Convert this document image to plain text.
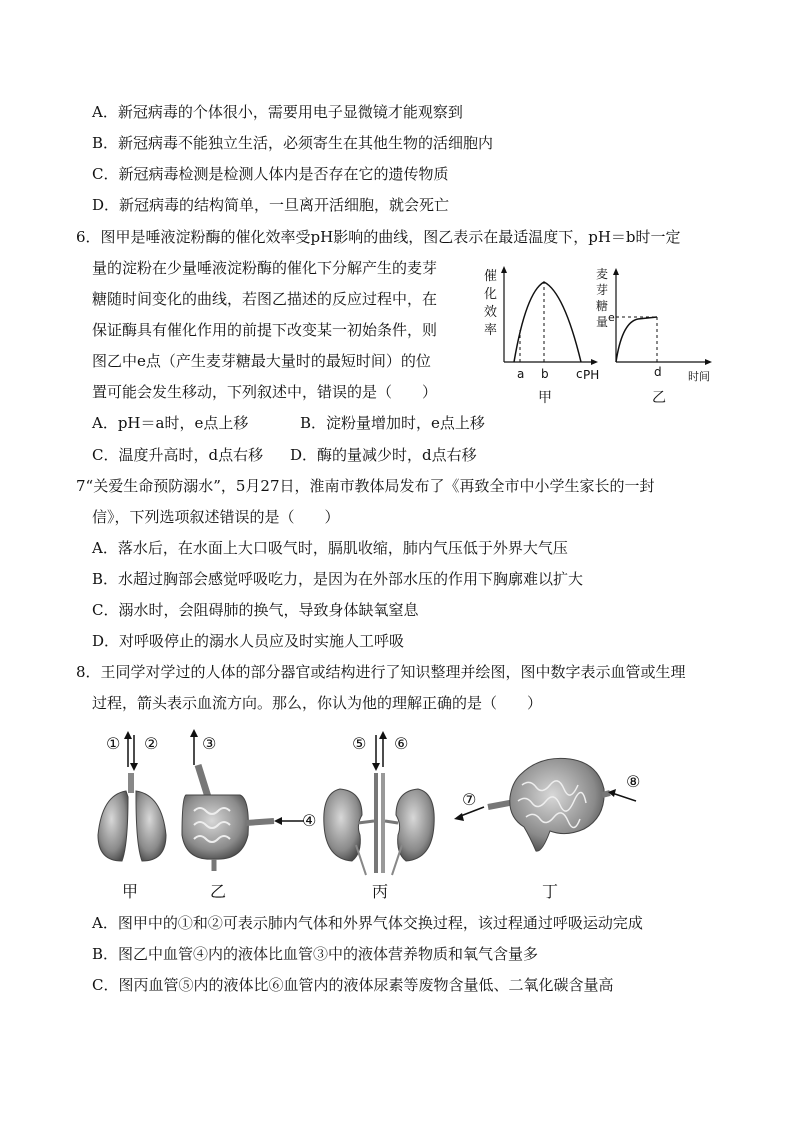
A．新冠病毒的个体很小，需要用电子显微镜才能观察到
B．新冠病毒不能独立生活，必须寄生在其他生物的活细胞内
C．新冠病毒检测是检测人体内是否存在它的遗传物质
D．新冠病毒的结构简单，一旦离开活细胞，就会死亡
6．图甲是唾液淀粉酶的催化效率受pH影响的曲线，图乙表示在最适温度下，pH＝b时一定
量的淀粉在少量唾液淀粉酶的催化下分解产生的麦芽
糖随时间变化的曲线，若图乙描述的反应过程中，在
保证酶具有催化作用的前提下改变某一初始条件，则
图乙中e点（产生麦芽糖最大量时的最短时间）的位
置可能会发生移动，下列叙述中，错误的是（　　）
催
化
效
率
a b c PH
甲
麦
芽
糖
量 e
d 时间
乙
A．pH＝a时，e点上移	B．淀粉量增加时，e点上移
C．温度升高时，d点右移 D．酶的量减少时，d点右移
7“关爱生命预防溺水”，5月27日，淮南市教体局发布了《再致全市中小学生家长的一封
信》，下列选项叙述错误的是（　　）
A．落水后，在水面上大口吸气时，膈肌收缩，肺内气压低于外界大气压
B．水超过胸部会感觉呼吸吃力，是因为在外部水压的作用下胸廓难以扩大
C．溺水时，会阻碍肺的换气，导致身体缺氧窒息
D．对呼吸停止的溺水人员应及时实施人工呼吸
8．王同学对学过的人体的部分器官或结构进行了知识整理并绘图，图中数字表示血管或生理
过程，箭头表示血流方向。那么，你认为他的理解正确的是（　　）
① ②
甲
③
④
乙
⑤ ⑥
丙
⑦
⑧
丁
A．图甲中的①和②可表示肺内气体和外界气体交换过程，该过程通过呼吸运动完成
B．图乙中血管④内的液体比血管③中的液体营养物质和氧气含量多
C．图丙血管⑤内的液体比⑥血管内的液体尿素等废物含量低、二氧化碳含量高
